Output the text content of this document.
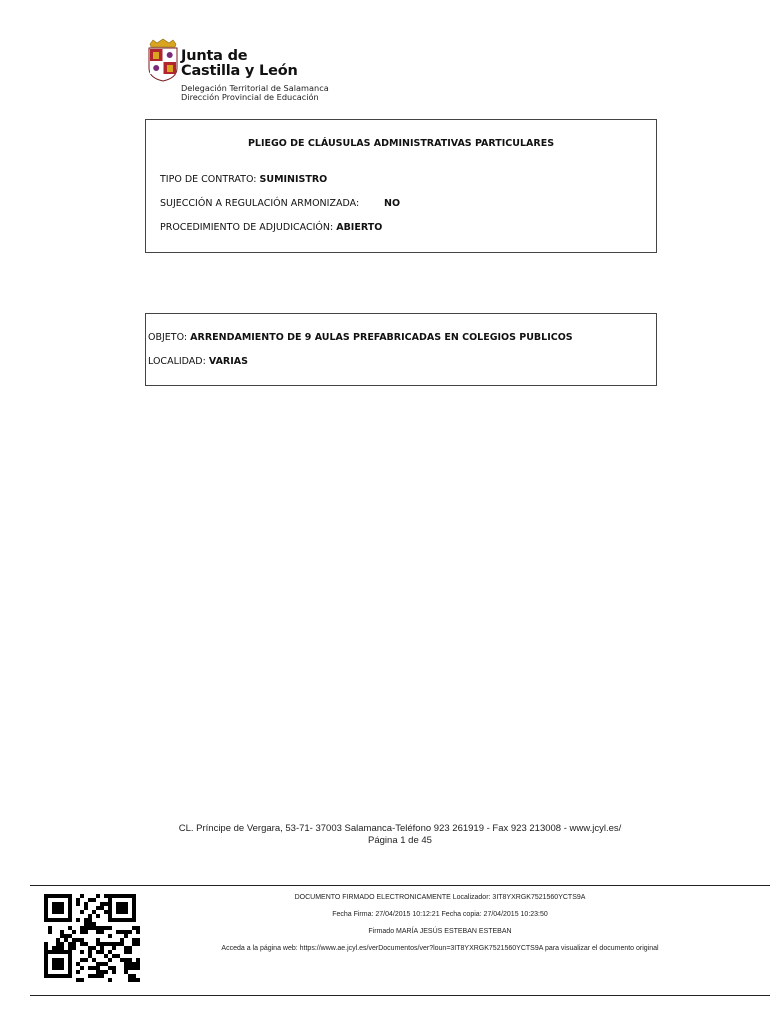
Junta de
Castilla y León
Delegación Territorial de Salamanca
Dirección Provincial de Educación
PLIEGO DE CLÁUSULAS ADMINISTRATIVAS PARTICULARES
TIPO DE CONTRATO: SUMINISTRO
SUJECCIÓN A REGULACIÓN ARMONIZADA:	NO
PROCEDIMIENTO DE ADJUDICACIÓN: ABIERTO
OBJETO: ARRENDAMIENTO DE 9 AULAS PREFABRICADAS EN COLEGIOS PUBLICOS
LOCALIDAD: VARIAS
CL. Príncipe de Vergara, 53-71- 37003 Salamanca-Teléfono 923 261919 - Fax 923 213008 - www.jcyl.es/
Página 1 de 45
DOCUMENTO FIRMADO ELECTRONICAMENTE Localizador: 3IT8YXRGK7521560YCTS9A
Fecha Firma: 27/04/2015 10:12:21 Fecha copia: 27/04/2015 10:23:50
Firmado MARÍA JESÚS ESTEBAN ESTEBAN
Acceda a la página web: https://www.ae.jcyl.es/verDocumentos/ver?loun=3IT8YXRGK7521560YCTS9A para visualizar el documento original
